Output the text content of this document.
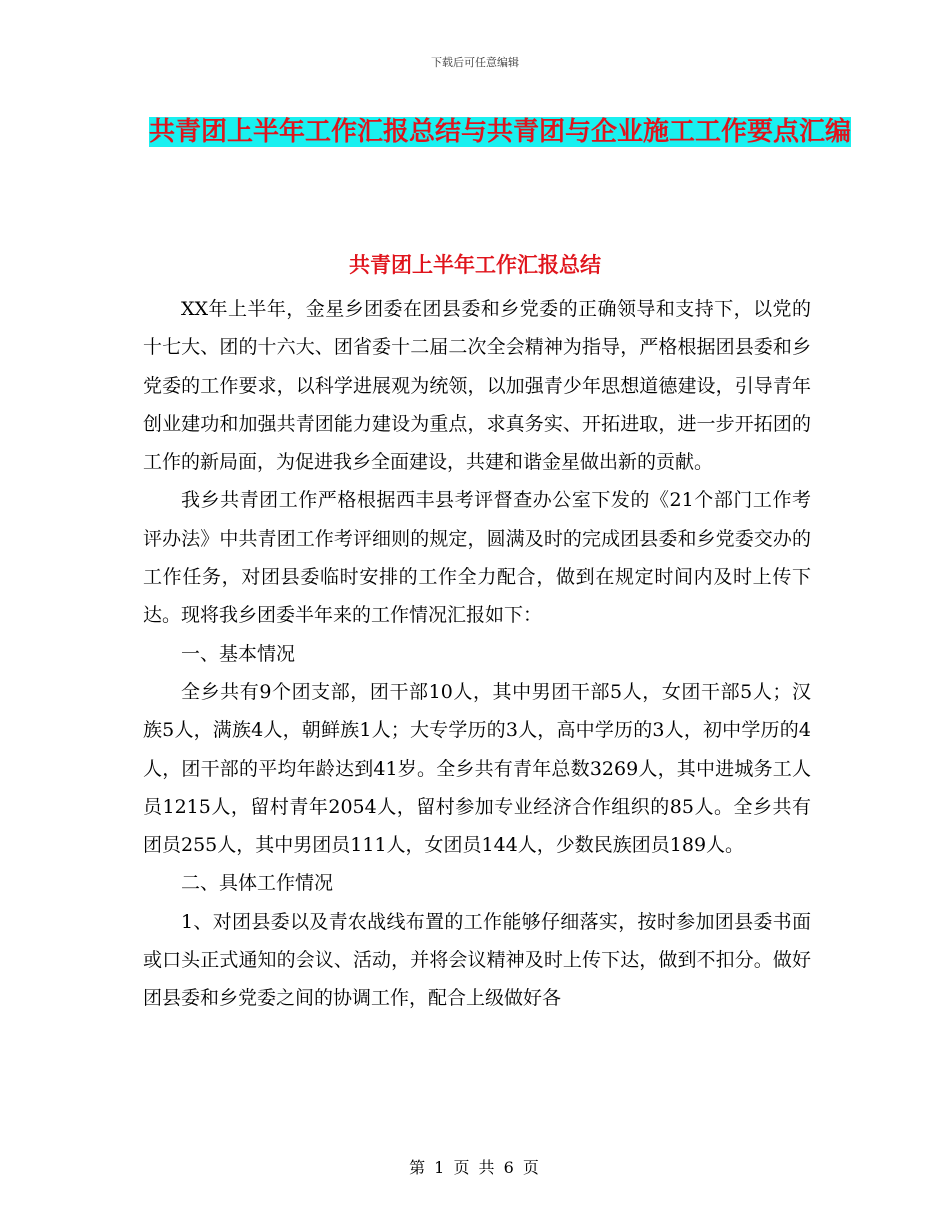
下载后可任意编辑
共青团上半年工作汇报总结与共青团与企业施工工作要点汇编
共青团上半年工作汇报总结

XX年上半年，金星乡团委在团县委和乡党委的正确领导和支持下，以党的十七大、团的十六大、团省委十二届二次全会精神为指导，严格根据团县委和乡党委的工作要求，以科学进展观为统领，以加强青少年思想道德建设，引导青年创业建功和加强共青团能力建设为重点，求真务实、开拓进取，进一步开拓团的工作的新局面，为促进我乡全面建设，共建和谐金星做出新的贡献。

我乡共青团工作严格根据西丰县考评督查办公室下发的《21个部门工作考评办法》中共青团工作考评细则的规定，圆满及时的完成团县委和乡党委交办的工作任务，对团县委临时安排的工作全力配合，做到在规定时间内及时上传下达。现将我乡团委半年来的工作情况汇报如下：

一、基本情况

全乡共有9个团支部，团干部10人，其中男团干部5人，女团干部5人；汉族5人，满族4人，朝鲜族1人；大专学历的3人，高中学历的3人，初中学历的4人，团干部的平均年龄达到41岁。全乡共有青年总数3269人，其中进城务工人员1215人，留村青年2054人，留村参加专业经济合作组织的85人。全乡共有团员255人，其中男团员111人，女团员144人，少数民族团员189人。

二、具体工作情况

1、对团县委以及青农战线布置的工作能够仔细落实，按时参加团县委书面或口头正式通知的会议、活动，并将会议精神及时上传下达，做到不扣分。做好团县委和乡党委之间的协调工作，配合上级做好各

第 1 页 共 6 页
